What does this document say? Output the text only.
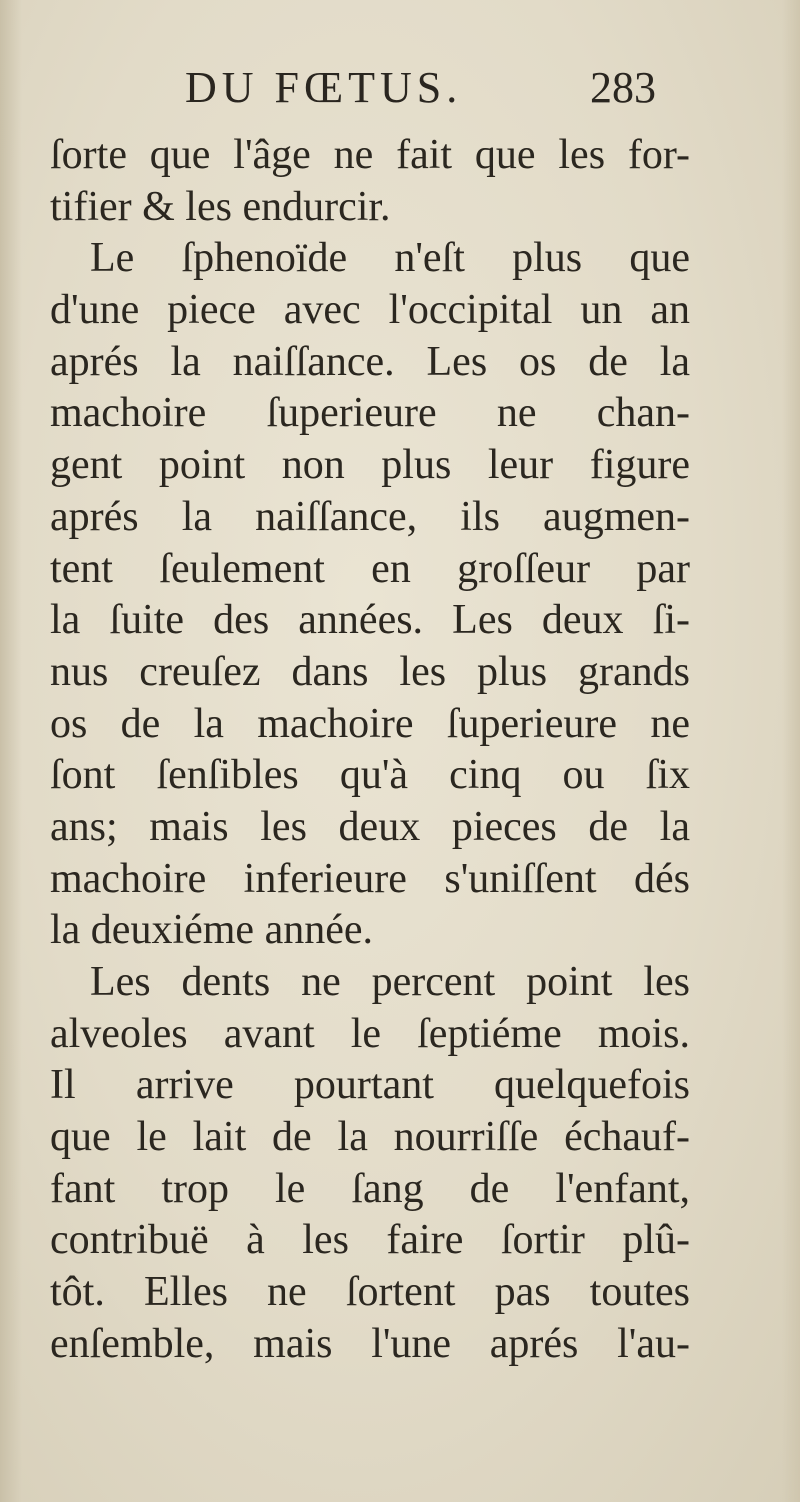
DU FŒTUS.	283
ſorte que l'âge ne fait que les for-
tifier & les endurcir.
Le ſphenoïde n'eſt plus que
d'une piece avec l'occipital un an
aprés la naiſſance. Les os de la
machoire ſuperieure ne chan-
gent point non plus leur figure
aprés la naiſſance, ils augmen-
tent ſeulement en groſſeur par
la ſuite des années. Les deux ſi-
nus creuſez dans les plus grands
os de la machoire ſuperieure ne
ſont ſenſibles qu'à cinq ou ſix
ans; mais les deux pieces de la
machoire inferieure s'uniſſent dés
la deuxiéme année.
Les dents ne percent point les
alveoles avant le ſeptiéme mois.
Il arrive pourtant quelquefois
que le lait de la nourriſſe échauf-
fant trop le ſang de l'enfant,
contribuë à les faire ſortir plû-
tôt. Elles ne ſortent pas toutes
enſemble, mais l'une aprés l'au-
